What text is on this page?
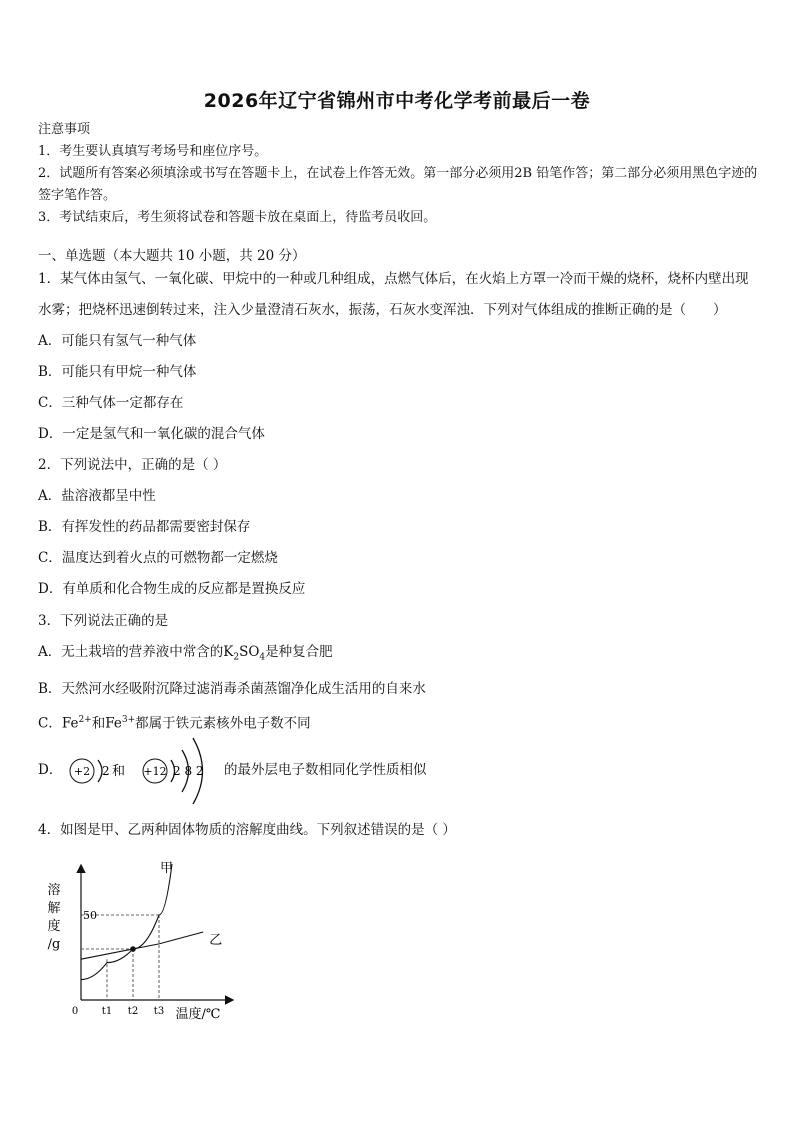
2026年辽宁省锦州市中考化学考前最后一卷
注意事项
1．考生要认真填写考场号和座位序号。
2．试题所有答案必须填涂或书写在答题卡上，在试卷上作答无效。第一部分必须用2B 铅笔作答；第二部分必须用黑色字迹的签字笔作答。
3．考试结束后，考生须将试卷和答题卡放在桌面上，待监考员收回。
一、单选题（本大题共 10 小题，共 20 分）
1．某气体由氢气、一氧化碳、甲烷中的一种或几种组成，点燃气体后，在火焰上方罩一冷而干燥的烧杯，烧杯内壁出现水雾；把烧杯迅速倒转过来，注入少量澄清石灰水，振荡，石灰水变浑浊．下列对气体组成的推断正确的是（　　）
A．可能只有氢气一种气体
B．可能只有甲烷一种气体
C．三种气体一定都存在
D．一定是氢气和一氧化碳的混合气体
2．下列说法中，正确的是（ ）
A．盐溶液都呈中性
B．有挥发性的药品都需要密封保存
C．温度达到着火点的可燃物都一定燃烧
D．有单质和化合物生成的反应都是置换反应
3．下列说法正确的是
A．无土栽培的营养液中常含的$K_2SO_4$是种复合肥
B．天然河水经吸附沉降过滤消毒杀菌蒸馏净化成生活用的自来水
C．$Fe^{2+}$和$Fe^{3+}$都属于铁元素核外电子数不同
D． +2 2 和 +12 2 8 2 的最外层电子数相同化学性质相似
4．如图是甲、乙两种固体物质的溶解度曲线。下列叙述错误的是（ ）
0
溶
解
度
/g
温度/℃
t1 t2 t3
50
甲
乙
